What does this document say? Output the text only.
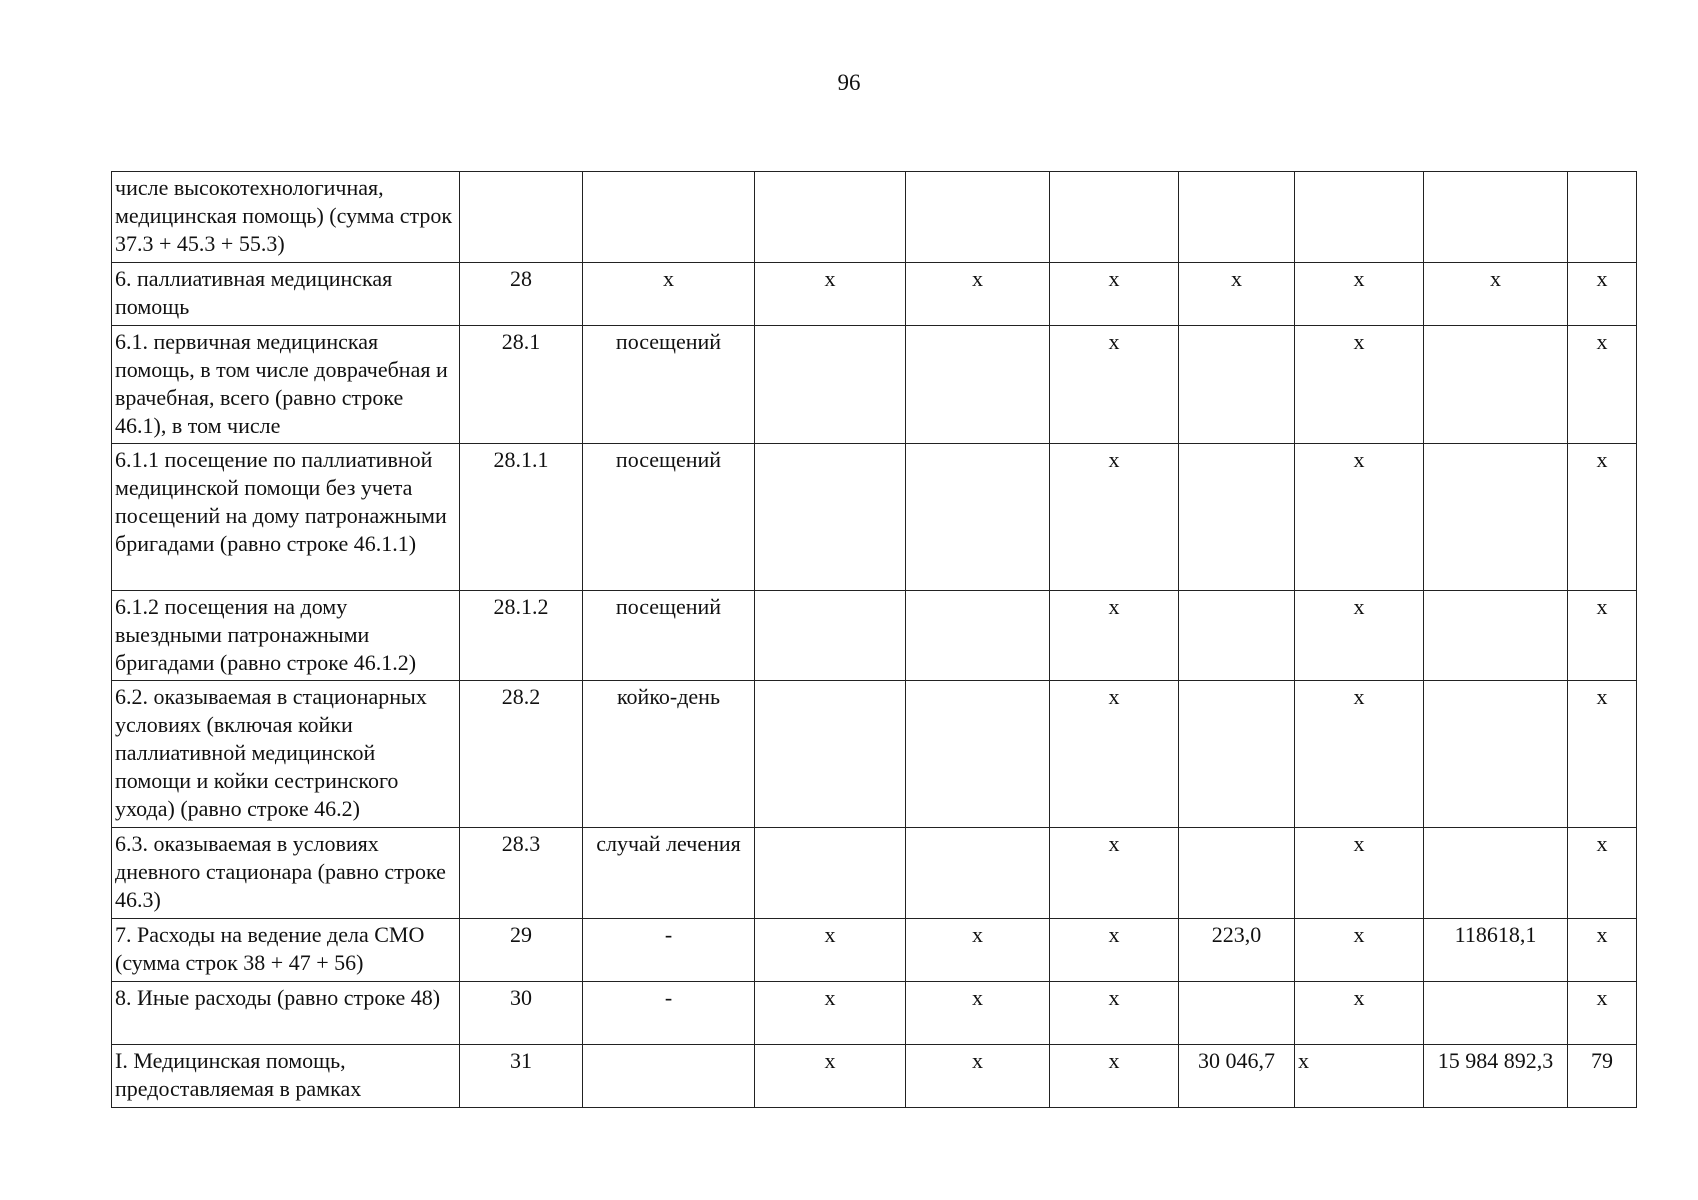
96
числе высокотехнологичная, медицинская помощь) (сумма строк 37.3 + 45.3 + 55.3)									
6. паллиативная медицинская помощь	28	x	x	x	x	x	x	x	x
6.1. первичная медицинская помощь, в том числе доврачебная и врачебная, всего (равно строке 46.1), в том числе	28.1	посещений			x		x		x
6.1.1 посещение по паллиативной медицинской помощи без учета посещений на дому патронажными бригадами (равно строке 46.1.1)	28.1.1	посещений			x		x		x
6.1.2 посещения на дому выездными патронажными бригадами (равно строке 46.1.2)	28.1.2	посещений			x		x		x
6.2. оказываемая в стационарных условиях (включая койки паллиативной медицинской помощи и койки сестринского ухода) (равно строке 46.2)	28.2	койко-день			x		x		x
6.3. оказываемая в условиях дневного стационара (равно строке 46.3)	28.3	случай лечения			x		x		x
7. Расходы на ведение дела СМО (сумма строк 38 + 47 + 56)	29	-	x	x	x	223,0	x	118618,1	x
8. Иные расходы (равно строке 48)	30	-	x	x	x		x		x
I. Медицинская помощь, предоставляемая в рамках	31		x	x	x	30 046,7	x	15 984 892,3	79
